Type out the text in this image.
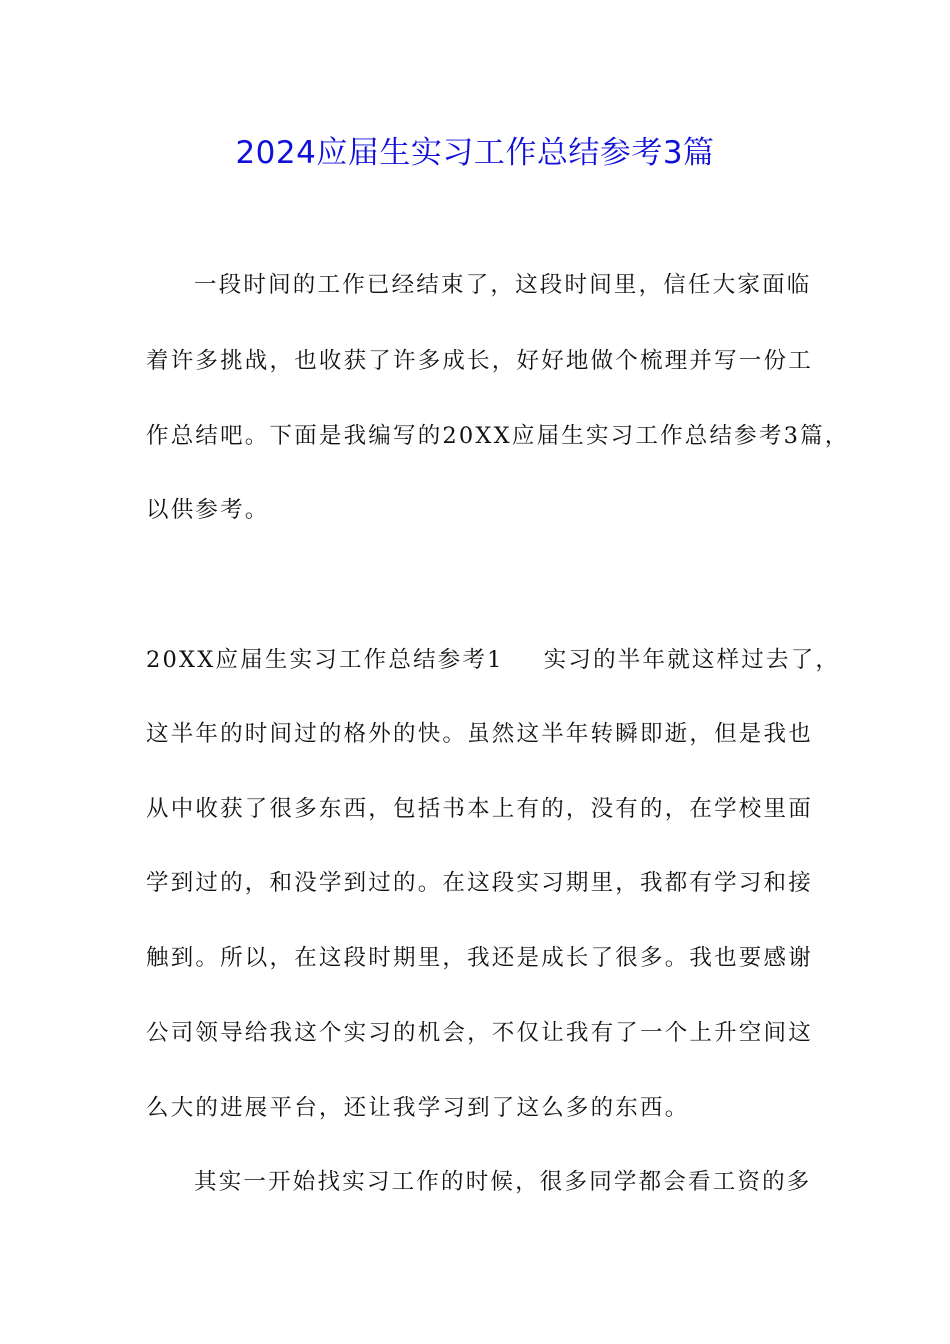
2024应届生实习工作总结参考3篇
一段时间的工作已经结束了，这段时间里，信任大家面临
着许多挑战，也收获了许多成长，好好地做个梳理并写一份工
作总结吧。下面是我编写的20XX应届生实习工作总结参考3篇，
以供参考。
20XX应届生实习工作总结参考1 实习的半年就这样过去了，
这半年的时间过的格外的快。虽然这半年转瞬即逝，但是我也
从中收获了很多东西，包括书本上有的，没有的，在学校里面
学到过的，和没学到过的。在这段实习期里，我都有学习和接
触到。所以，在这段时期里，我还是成长了很多。我也要感谢
公司领导给我这个实习的机会，不仅让我有了一个上升空间这
么大的进展平台，还让我学习到了这么多的东西。
其实一开始找实习工作的时候，很多同学都会看工资的多
